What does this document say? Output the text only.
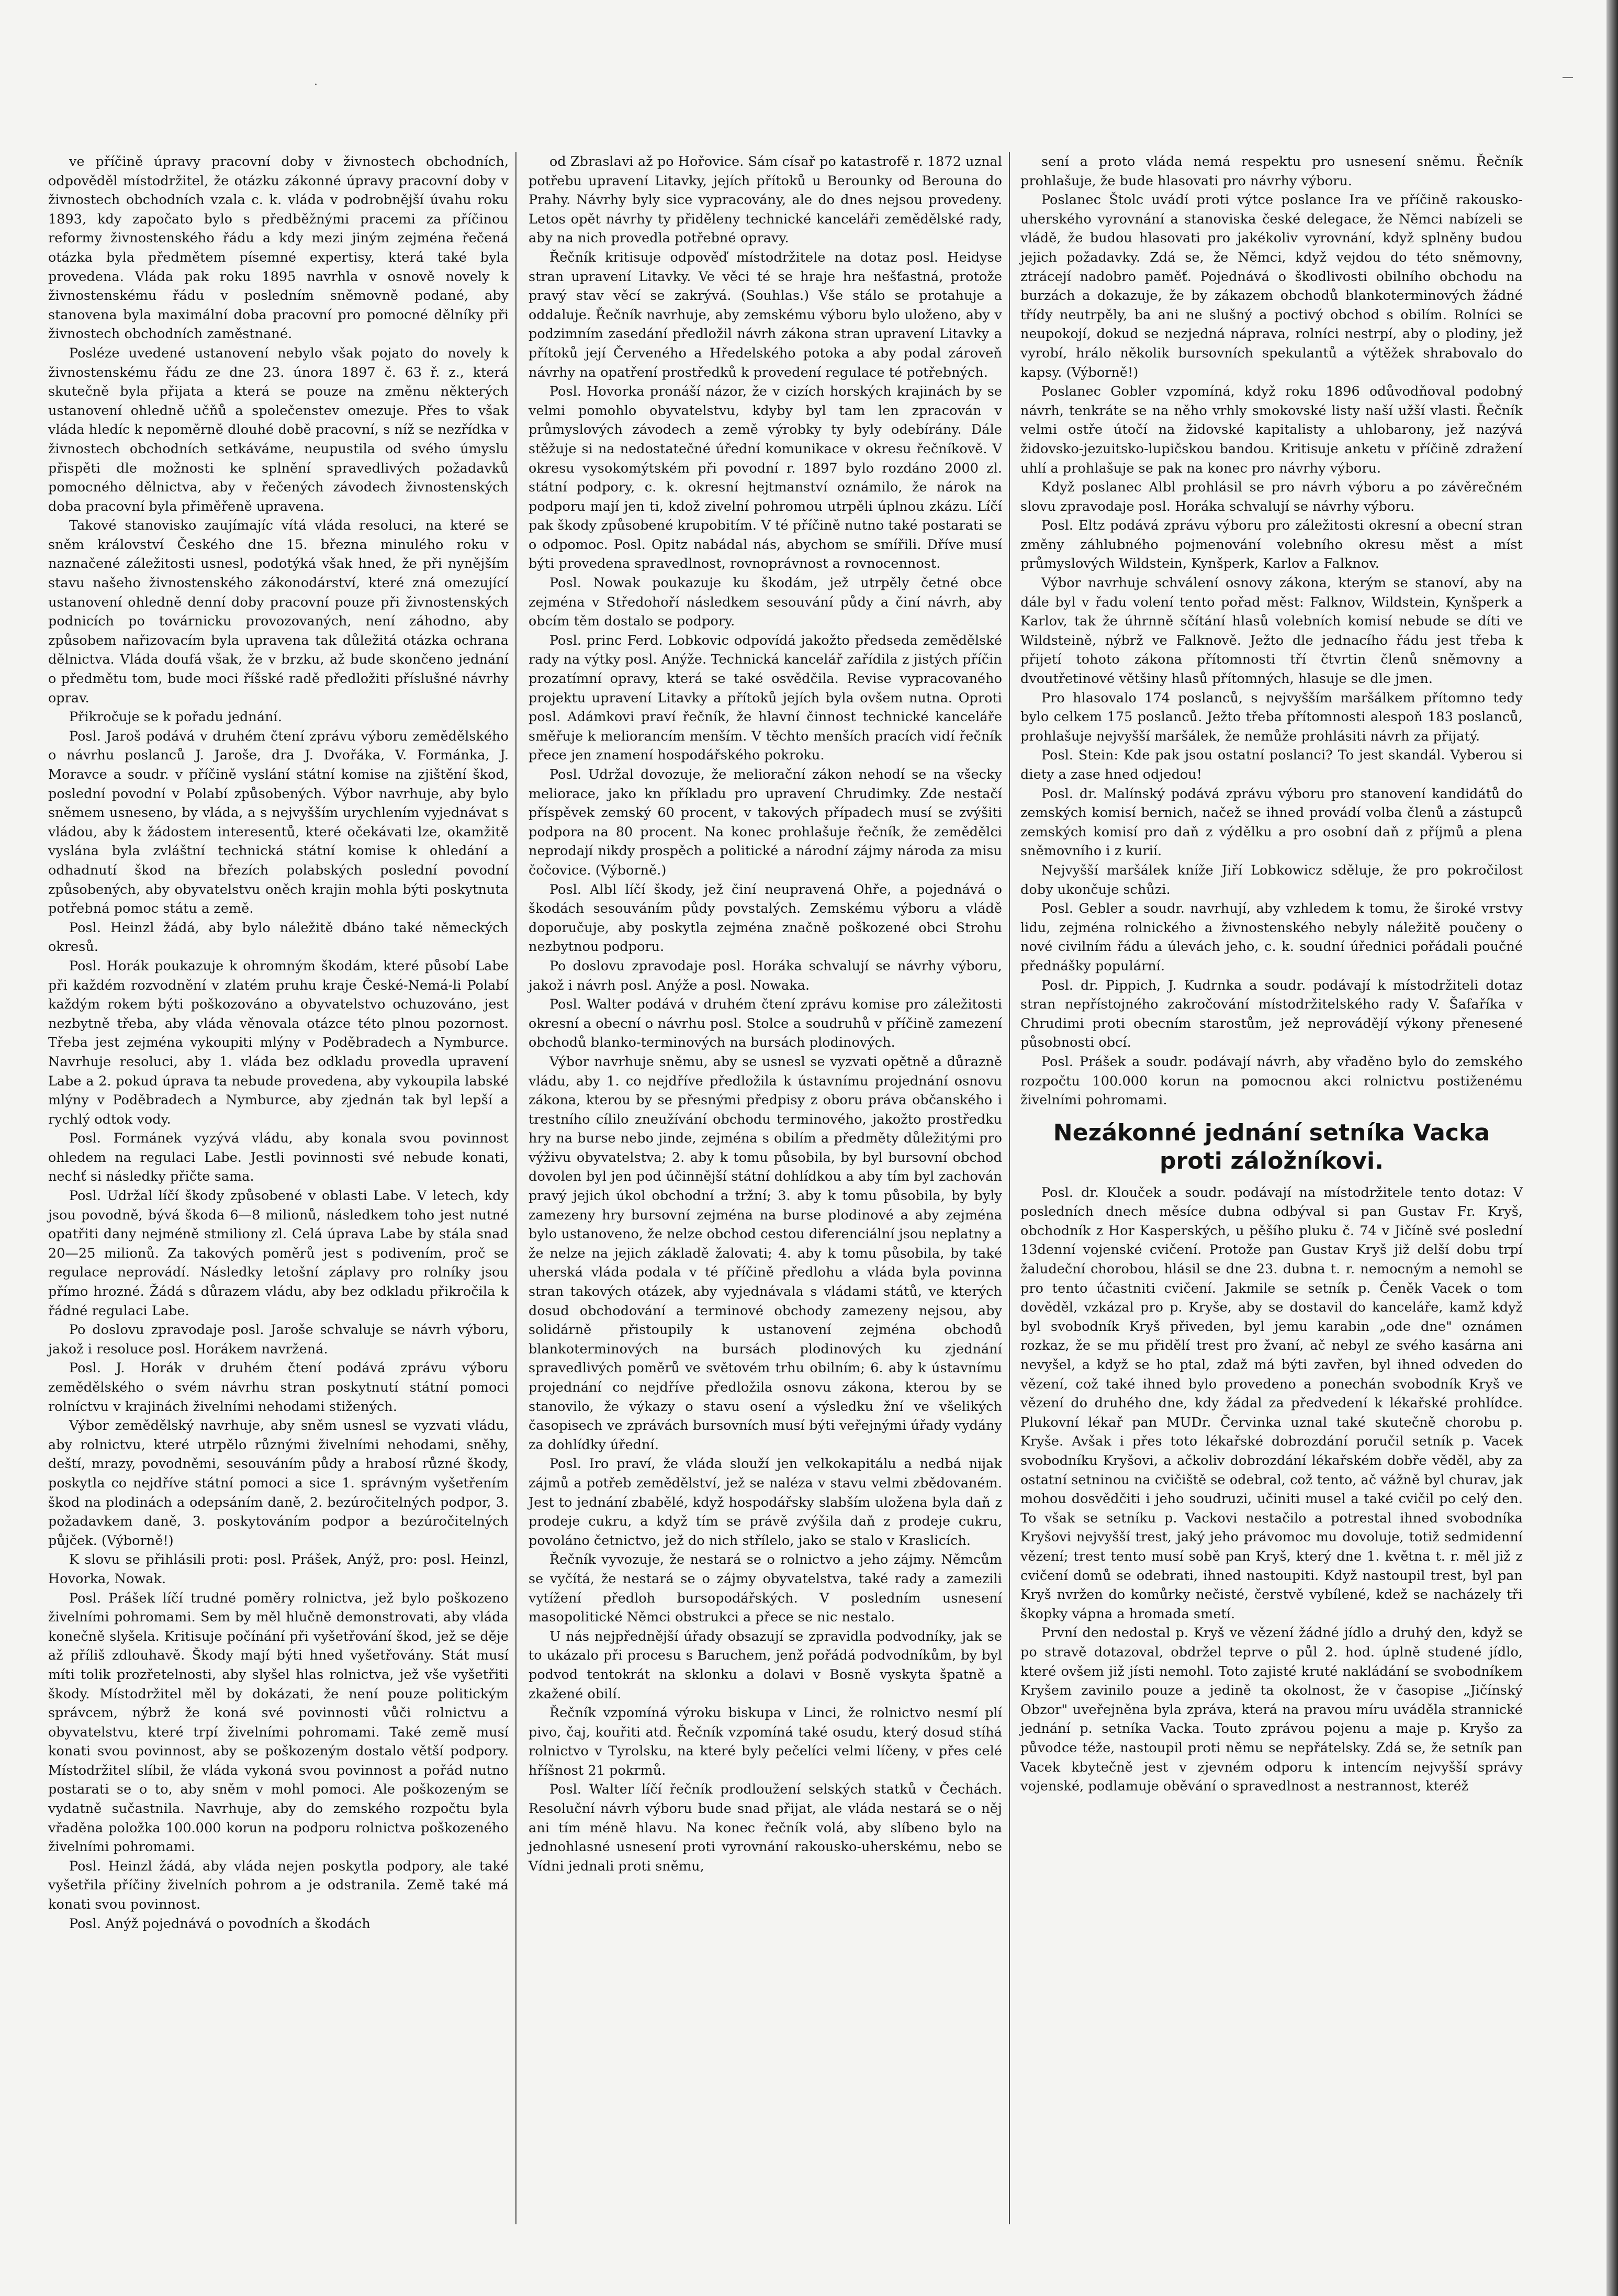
·
—

ve příčině úpravy pracovní doby v živnostech obchodních, odpověděl místodržitel, že otázku zákonné úpravy pracovní doby v živnostech obchodních vzala c. k. vláda v podrobnější úvahu roku 1893, kdy započato bylo s předběžnými pracemi za příčinou reformy živnostenského řádu a kdy mezi jiným zejména řečená otázka byla předmětem písemné expertisy, která také byla provedena. Vláda pak roku 1895 navrhla v osnově novely k živnostenskému řádu v posledním sněmovně podané, aby stanovena byla maximální doba pracovní pro pomocné dělníky při živnostech obchodních zaměstnané.

Posléze uvedené ustanovení nebylo však pojato do novely k živnostenskému řádu ze dne 23. února 1897 č. 63 ř. z., která skutečně byla přijata a která se pouze na změnu některých ustanovení ohledně učňů a společenstev omezuje. Přes to však vláda hledíc k nepoměrně dlouhé době pracovní, s níž se nezřídka v živnostech obchodních setkáváme, neupustila od svého úmyslu přispěti dle možnosti ke splnění spravedlivých požadavků pomocného dělnictva, aby v řečených závodech živnostenských doba pracovní byla přiměřeně upravena.

Takové stanovisko zaujímajíc vítá vláda resoluci, na které se sněm království Českého dne 15. března minulého roku v naznačené záležitosti usnesl, podotýká však hned, že při nynějším stavu našeho živnostenského zákonodárství, které zná omezující ustanovení ohledně denní doby pracovní pouze při živnostenských podnicích po továrnicku provozovaných, není záhodno, aby způsobem nařizovacím byla upravena tak důležitá otázka ochrana dělnictva. Vláda doufá však, že v brzku, až bude skončeno jednání o předmětu tom, bude moci říšské radě předložiti příslušné návrhy oprav.

Přikročuje se k pořadu jednání.

Posl. Jaroš podává v druhém čtení zprávu výboru zemědělského o návrhu poslanců J. Jaroše, dra J. Dvořáka, V. Formánka, J. Moravce a soudr. v příčině vyslání státní komise na zjištění škod, poslední povodní v Polabí způsobených. Výbor navrhuje, aby bylo sněmem usneseno, by vláda, a s nejvyšším urychlením vyjednávat s vládou, aby k žádostem interesentů, které očekávati lze, okamžitě vyslána byla zvláštní technická státní komise k ohledání a odhadnutí škod na březích polabských poslední povodní způsobených, aby obyvatelstvu oněch krajin mohla býti poskytnuta potřebná pomoc státu a země.

Posl. Heinzl žádá, aby bylo náležitě dbáno také německých okresů.

Posl. Horák poukazuje k ohromným škodám, které působí Labe při každém rozvodnění v zlatém pruhu kraje České-Nemá-li Polabí každým rokem býti poškozováno a obyvatelstvo ochuzováno, jest nezbytně třeba, aby vláda věnovala otázce této plnou pozornost. Třeba jest zejména vykoupiti mlýny v Poděbradech a Nymburce. Navrhuje resoluci, aby 1. vláda bez odkladu provedla upravení Labe a 2. pokud úprava ta nebude provedena, aby vykoupila labské mlýny v Poděbradech a Nymburce, aby zjednán tak byl lepší a rychlý odtok vody.

Posl. Formánek vyzývá vládu, aby konala svou povinnost ohledem na regulaci Labe. Jestli povinnosti své nebude konati, nechť si následky přičte sama.

Posl. Udržal líčí škody způsobené v oblasti Labe. V letech, kdy jsou povodně, bývá škoda 6—8 milionů, následkem toho jest nutné opatřiti dany nejméně stmiliony zl. Celá úprava Labe by stála snad 20—25 milionů. Za takových poměrů jest s podivením, proč se regulace neprovádí. Následky letošní záplavy pro rolníky jsou přímo hrozné. Žádá s důrazem vládu, aby bez odkladu přikročila k řádné regulaci Labe.

Po doslovu zpravodaje posl. Jaroše schvaluje se návrh výboru, jakož i resoluce posl. Horákem navržená.

Posl. J. Horák v druhém čtení podává zprávu výboru zemědělského o svém návrhu stran poskytnutí státní pomoci rolníctvu v krajinách živelními nehodami stižených.

Výbor zemědělský navrhuje, aby sněm usnesl se vyzvati vládu, aby rolnictvu, které utrpělo různými živelními nehodami, sněhy, deští, mrazy, povodněmi, sesouváním půdy a hrabosí různé škody, poskytla co nejdříve státní pomoci a sice 1. správným vyšetřením škod na plodinách a odepsáním daně, 2. bezúročitelných podpor, 3. požadavkem daně, 3. poskytováním podpor a bezúročitelných půjček. (Výborně!)

K slovu se přihlásili proti: posl. Prášek, Anýž, pro: posl. Heinzl, Hovorka, Nowak.

Posl. Prášek líčí trudné poměry rolnictva, jež bylo poškozeno živelními pohromami. Sem by měl hlučně demonstrovati, aby vláda konečně slyšela. Kritisuje počínání při vyšetřování škod, jež se děje až příliš zdlouhavě. Škody mají býti hned vyšetřovány. Stát musí míti tolik prozřetelnosti, aby slyšel hlas rolnictva, jež vše vyšetřiti škody. Místodržitel měl by dokázati, že není pouze politickým správcem, nýbrž že koná své povinnosti vůči rolnictvu a obyvatelstvu, které trpí živelními pohromami. Také země musí konati svou povinnost, aby se poškozeným dostalo větší podpory. Místodržitel slíbil, že vláda vykoná svou povinnost a pořád nutno postarati se o to, aby sněm v mohl pomoci. Ale poškozeným se vydatně sučastnila. Navrhuje, aby do zemského rozpočtu byla vřaděna položka 100.000 korun na podporu rolnictva poškozeného živelními pohromami.

Posl. Heinzl žádá, aby vláda nejen poskytla podpory, ale také vyšetřila příčiny živelních pohrom a je odstranila. Země také má konati svou povinnost.

Posl. Anýž pojednává o povodních a škodách

od Zbraslavi až po Hořovice. Sám císař po katastrofě r. 1872 uznal potřebu upravení Litavky, jejích přítoků u Berounky od Berouna do Prahy. Návrhy byly sice vypracovány, ale do dnes nejsou provedeny. Letos opět návrhy ty přiděleny technické kanceláři zemědělské rady, aby na nich provedla potřebné opravy.

Řečník kritisuje odpověď místodržitele na dotaz posl. Heidyse stran upravení Litavky. Ve věci té se hraje hra nešťastná, protože pravý stav věcí se zakrývá. (Souhlas.) Vše stálo se protahuje a oddaluje. Řečník navrhuje, aby zemskému výboru bylo uloženo, aby v podzimním zasedání předložil návrh zákona stran upravení Litavky a přítoků její Červeného a Hředelského potoka a aby podal zároveň návrhy na opatření prostředků k provedení regulace té potřebných.

Posl. Hovorka pronáší názor, že v cizích horských krajinách by se velmi pomohlo obyvatelstvu, kdyby byl tam len zpracován v průmyslových závodech a země výrobky ty byly odebírány. Dále stěžuje si na nedostatečné úřední komunikace v okresu řečníkově. V okresu vysokomýtském při povodní r. 1897 bylo rozdáno 2000 zl. státní podpory, c. k. okresní hejtmanství oznámilo, že nárok na podporu mají jen ti, kdož zivelní pohromou utrpěli úplnou zkázu. Líčí pak škody způsobené krupobitím. V té příčině nutno také postarati se o odpomoc. Posl. Opitz nabádal nás, abychom se smířili. Dříve musí býti provedena spravedlnost, rovnoprávnost a rovnocennost.

Posl. Nowak poukazuje ku škodám, jež utrpěly četné obce zejména v Středohoří následkem sesouvání půdy a činí návrh, aby obcím těm dostalo se podpory.

Posl. princ Ferd. Lobkovic odpovídá jakožto předseda zemědělské rady na výtky posl. Anýže. Technická kancelář zařídila z jistých příčin prozatímní opravy, která se také osvědčila. Revise vypracovaného projektu upravení Litavky a přítoků jejích byla ovšem nutna. Oproti posl. Adámkovi praví řečník, že hlavní činnost technické kanceláře směřuje k meliorancím menším. V těchto menších pracích vidí řečník přece jen znamení hospodářského pokroku.

Posl. Udržal dovozuje, že meliorační zákon nehodí se na všecky meliorace, jako kn příkladu pro upravení Chrudimky. Zde nestačí příspěvek zemský 60 procent, v takových případech musí se zvýšiti podpora na 80 procent. Na konec prohlašuje řečník, že zemědělci neprodají nikdy prospěch a politické a národní zájmy národa za misu čočovice. (Výborně.)

Posl. Albl líčí škody, jež činí neupravená Ohře, a pojednává o škodách sesouváním půdy povstalých. Zemskému výboru a vládě doporučuje, aby poskytla zejména značně poškozené obci Strohu nezbytnou podporu.

Po doslovu zpravodaje posl. Horáka schvalují se návrhy výboru, jakož i návrh posl. Anýže a posl. Nowaka.

Posl. Walter podává v druhém čtení zprávu komise pro záležitosti okresní a obecní o návrhu posl. Stolce a soudruhů v příčině zamezení obchodů blanko-terminových na bursách plodinových.

Výbor navrhuje sněmu, aby se usnesl se vyzvati opětně a důrazně vládu, aby 1. co nejdříve předložila k ústavnímu projednání osnovu zákona, kterou by se přesnými předpisy z oboru práva občanského i trestního cílilo zneužívání obchodu terminového, jakožto prostředku hry na burse nebo jinde, zejména s obilím a předměty důležitými pro výživu obyvatelstva; 2. aby k tomu působila, by byl bursovní obchod dovolen byl jen pod účinnější státní dohlídkou a aby tím byl zachován pravý jejich úkol obchodní a tržní; 3. aby k tomu působila, by byly zamezeny hry bursovní zejména na burse plodinové a aby zejména bylo ustanoveno, že nelze obchod cestou diferenciální jsou neplatny a že nelze na jejich základě žalovati; 4. aby k tomu působila, by také uherská vláda podala v té příčině předlohu a vláda byla povinna stran takových otázek, aby vyjednávala s vládami států, ve kterých dosud obchodování a terminové obchody zamezeny nejsou, aby solidárně přistoupily k ustanovení zejména obchodů blankoterminových na bursách plodinových ku zjednání spravedlivých poměrů ve světovém trhu obilním; 6. aby k ústavnímu projednání co nejdříve předložila osnovu zákona, kterou by se stanovilo, že výkazy o stavu osení a výsledku žní ve všelikých časopisech ve zprávách bursovních musí býti veřejnými úřady vydány za dohlídky úřední.

Posl. Iro praví, že vláda slouží jen velkokapitálu a nedbá nijak zájmů a potřeb zemědělství, jež se naléza v stavu velmi zbědovaném. Jest to jednání zbabělé, když hospodářsky slabším uložena byla daň z prodeje cukru, a když tím se právě zvýšila daň z prodeje cukru, povoláno četnictvo, jež do nich střílelo, jako se stalo v Kraslicích.

Řečník vyvozuje, že nestará se o rolnictvo a jeho zájmy. Němcům se vyčítá, že nestará se o zájmy obyvatelstva, také rady a zamezili vytížení předloh bursopodářských. V posledním usnesení masopolitické Němci obstrukci a přece se nic nestalo.

U nás nejpřednější úřady obsazují se zpravidla podvodníky, jak se to ukázalo při procesu s Baruchem, jenž pořádá podvodníkům, by byl podvod tentokrát na sklonku a dolavi v Bosně vyskyta špatně a zkažené obilí.

Řečník vzpomíná výroku biskupa v Linci, že rolnictvo nesmí plí pivo, čaj, kouřiti atd. Řečník vzpomíná také osudu, který dosud stíhá rolnictvo v Tyrolsku, na které byly pečelíci velmi líčeny, v přes celé hříšnost 21 pokrmů.

Posl. Walter líčí řečník prodloužení selských statků v Čechách. Resoluční návrh výboru bude snad přijat, ale vláda nestará se o něj ani tím méně hlavu. Na konec řečník volá, aby slíbeno bylo na jednohlasné usnesení proti vyrovnání rakousko-uherskému, nebo se Vídni jednali proti sněmu,

sení a proto vláda nemá respektu pro usnesení sněmu. Řečník prohlašuje, že bude hlasovati pro návrhy výboru.

Poslanec Štolc uvádí proti výtce poslance Ira ve příčině rakousko-uherského vyrovnání a stanoviska české delegace, že Němci nabízeli se vládě, že budou hlasovati pro jakékoliv vyrovnání, když splněny budou jejich požadavky. Zdá se, že Němci, když vejdou do této sněmovny, ztrácejí nadobro paměť. Pojednává o škodlivosti obilního obchodu na burzách a dokazuje, že by zákazem obchodů blankoterminových žádné třídy neutrpěly, ba ani ne slušný a poctivý obchod s obilím. Rolníci se neupokojí, dokud se nezjedná náprava, rolníci nestrpí, aby o plodiny, jež vyrobí, hrálo několik bursovních spekulantů a výtěžek shrabovalo do kapsy. (Výborně!)

Poslanec Gobler vzpomíná, když roku 1896 odůvodňoval podobný návrh, tenkráte se na něho vrhly smokovské listy naší užší vlasti. Řečník velmi ostře útočí na židovské kapitalisty a uhlobarony, jež nazývá židovsko-jezuitsko-lupičskou bandou. Kritisuje anketu v příčině zdražení uhlí a prohlašuje se pak na konec pro návrhy výboru.

Když poslanec Albl prohlásil se pro návrh výboru a po závěrečném slovu zpravodaje posl. Horáka schvalují se návrhy výboru.

Posl. Eltz podává zprávu výboru pro záležitosti okresní a obecní stran změny záhlubného pojmenování volebního okresu měst a míst průmyslových Wildstein, Kynšperk, Karlov a Falknov.

Výbor navrhuje schválení osnovy zákona, kterým se stanoví, aby na dále byl v řadu volení tento pořad měst: Falknov, Wildstein, Kynšperk a Karlov, tak že úhrnně sčítání hlasů volebních komisí nebude se díti ve Wildsteině, nýbrž ve Falknově. Ježto dle jednacího řádu jest třeba k přijetí tohoto zákona přítomnosti tří čtvrtin členů sněmovny a dvoutřetinové většiny hlasů přítomných, hlasuje se dle jmen.

Pro hlasovalo 174 poslanců, s nejvyšším maršálkem přítomno tedy bylo celkem 175 poslanců. Ježto třeba přítomnosti alespoň 183 poslanců, prohlašuje nejvyšší maršálek, že nemůže prohlásiti návrh za přijatý.

Posl. Stein: Kde pak jsou ostatní poslanci? To jest skandál. Vyberou si diety a zase hned odjedou!

Posl. dr. Malínský podává zprávu výboru pro stanovení kandidátů do zemských komisí bernich, načež se ihned provádí volba členů a zástupců zemských komisí pro daň z výdělku a pro osobní daň z příjmů a plena sněmovního i z kurií.

Nejvyšší maršálek kníže Jiří Lobkowicz sděluje, že pro pokročilost doby ukončuje schůzi.

Posl. Gebler a soudr. navrhují, aby vzhledem k tomu, že široké vrstvy lidu, zejména rolnického a živnostenského nebyly náležitě poučeny o nové civilním řádu a úlevách jeho, c. k. soudní úřednici pořádali poučné přednášky populární.

Posl. dr. Pippich, J. Kudrnka a soudr. podávají k místodržiteli dotaz stran nepřístojného zakročování místodržitelského rady V. Šafaříka v Chrudimi proti obecním starostům, jež neprovádějí výkony přenesené působnosti obcí.

Posl. Prášek a soudr. podávají návrh, aby vřaděno bylo do zemského rozpočtu 100.000 korun na pomocnou akci rolnictvu postiženému živelními pohromami.

Nezákonné jednání setníka Vacka proti záložníkovi.

Posl. dr. Klouček a soudr. podávají na místodržitele tento dotaz: V posledních dnech měsíce dubna odbýval si pan Gustav Fr. Kryš, obchodník z Hor Kasperských, u pěšího pluku č. 74 v Jičíně své poslední 13denní vojenské cvičení. Protože pan Gustav Kryš již delší dobu trpí žaludeční chorobou, hlásil se dne 23. dubna t. r. nemocným a nemohl se pro tento účastniti cvičení. Jakmile se setník p. Čeněk Vacek o tom dověděl, vzkázal pro p. Kryše, aby se dostavil do kanceláře, kamž když byl svobodník Kryš přiveden, byl jemu karabin „ode dne" oznámen rozkaz, že se mu přidělí trest pro žvaní, ač nebyl ze svého kasárna ani nevyšel, a když se ho ptal, zdaž má býti zavřen, byl ihned odveden do vězení, což také ihned bylo provedeno a ponechán svobodník Kryš ve vězení do druhého dne, kdy žádal za předvedení k lékařské prohlídce. Plukovní lékař pan MUDr. Červinka uznal také skutečně chorobu p. Kryše. Avšak i přes toto lékařské dobrozdání poručil setník p. Vacek svobodníku Kryšovi, a ačkoliv dobrozdání lékařském dobře věděl, aby za ostatní setninou na cvičiště se odebral, což tento, ač vážně byl churav, jak mohou dosvědčiti i jeho soudruzi, učiniti musel a také cvičil po celý den. To však se setníku p. Vackovi nestačilo a potrestal ihned svobodníka Kryšovi nejvyšší trest, jaký jeho právomoc mu dovoluje, totiž sedmidenní vězení; trest tento musí sobě pan Kryš, který dne 1. května t. r. měl již z cvičení domů se odebrati, ihned nastoupiti. Když nastoupil trest, byl pan Kryš nvržen do komůrky nečisté, čerstvě vybílené, kdež se nacházely tři škopky vápna a hromada smetí.

První den nedostal p. Kryš ve vězení žádné jídlo a druhý den, když se po stravě dotazoval, obdržel teprve o půl 2. hod. úplně studené jídlo, které ovšem již jísti nemohl. Toto zajisté kruté nakládání se svobodníkem Kryšem zavinilo pouze a jedině ta okolnost, že v časopise „Jičínský Obzor" uveřejněna byla zpráva, která na pravou míru uváděla strannické jednání p. setníka Vacka. Touto zprávou pojenu a maje p. Kryšo za původce téže, nastoupil proti němu se nepřátelsky. Zdá se, že setník pan Vacek kbytečně jest v zjevném odporu k intencím nejvyšší správy vojenské, podlamuje oběvání o spravedlnost a nestrannost, kteréž
